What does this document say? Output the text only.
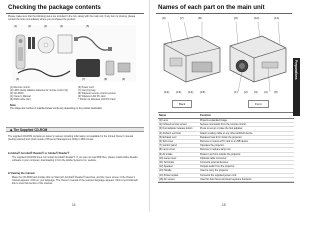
Checking the package contents
Please make sure that the following items are included in the box, along with the main unit. If any item is missing, please contact the store immediately where you purchased the product.
(1)	(2)	(3)	(4)	(5)
(6)	(7)	(8)	(9)
(1) Remote control
(2) LR03 (AAA) alkaline batteries for remote control (2)
(3) CD-ROM
(4) Owner's Manual
(5) RGB cable (2m)
(6) Power cord
(7) Carrying bag
(8) Wireless remote control receiver
(9) Wireless LAN PC card
* Shown for Wireless LAN PC Card
Note
The shape and number of supplied power cords vary depending on the product destination.
◆ The Supplied CD-ROM
The supplied CD-ROM contains an owner's manual, including information not available for the printed Owner's manual (Getting started) and Quick Guide of Projector Management Utility in PDF format.
■ Adobe® Acrobat® Reader® or Adobe® Reader®
The supplied CD-ROM does not contain Acrobat® Reader®. If you can not read PDF files, please install Adobe Reader software in your computer, downloading it from the Adobe Systems Inc. website.
■ Viewing the manual
Place the CD-ROM and double-click on Start.pdf. Acrobat® Reader® launches, and the menu screen of the Owner's manual appears. Click on your language. The Owner's manual of the selected language appears. Click a red bookmark title to view that section of the manual.
14
Names of each part on the main unit
(6)	(7)	(8)	(9)	(10)	(11)
(1) (2) (3) (4) (5)
(12) (13) (14) (15)
Back	Front
Name	Function
(1) Lens	Projects expanded image.
(2) Infrared remote sensor	Senses commands from the remote control.
(3) Foot adjuster release button	Press to set up or raise the foot adjuster.
(4) Ambient exit hole	Attach a safety cable or any other antitheft device.
(5) Exhaust vent	Releases heat from inside the projector.
(6) Slot cover	Remove to mount a PC card or a USB device.
(7) Control panel	Operates the projector.
(8) Lamp cover	Remove to replace lamp unit.
(9) Air intake	Draws in air from outside the projector.
(10) Lamp cover	Optional cable connector.
(11) Terminals	Connects external devices.
(12) Speaker	Outputs audio from the projector.
(13) Handle	Used to carry the projector.
(14) Power socket	Connects the supplied power cord.
(15) AF sensor	Used for Auto focus and Auto keystone functions.
Preparations
15
